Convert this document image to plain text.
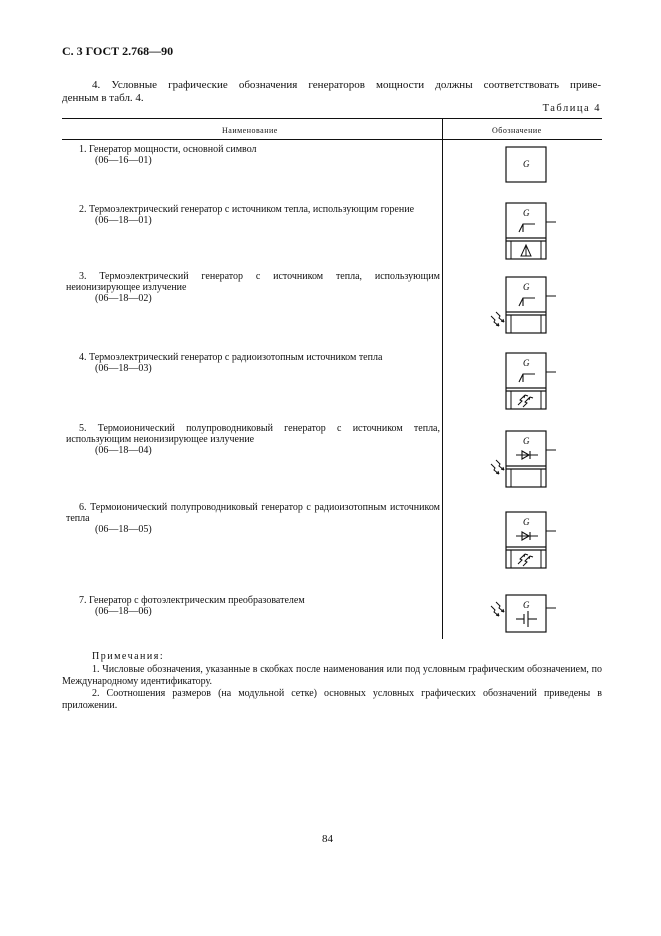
С. 3 ГОСТ 2.768—90
4. Условные графические обозначения генераторов мощности должны соответствовать приве-
денным в табл. 4.
Таблица 4
Наименование	Обозначение
1. Генератор мощности, основной символ
(06—16—01)
2. Термоэлектрический генератор с источником тепла, использующим горение
(06—18—01)
3. Термоэлектрический генератор с источником тепла, использующим неионизирующее излучение
(06—18—02)
4. Термоэлектрический генератор с радиоизотопным источником тепла
(06—18—03)
5. Термоионический полупроводниковый генератор с источником тепла, использующим неионизирующее излучение
(06—18—04)
6. Термоионический полупроводниковый генератор с радиоизотопным источником тепла
(06—18—05)
7. Генератор с фотоэлектрическим преобразователем
(06—18—06)
G
G
G
G
G
G
G
Примечания:
1. Числовые обозначения, указанные в скобках после наименования или под условным графическим обозначением, по Международному идентификатору.
2. Соотношения размеров (на модульной сетке) основных условных графических обозначений приведены в приложении.
84
